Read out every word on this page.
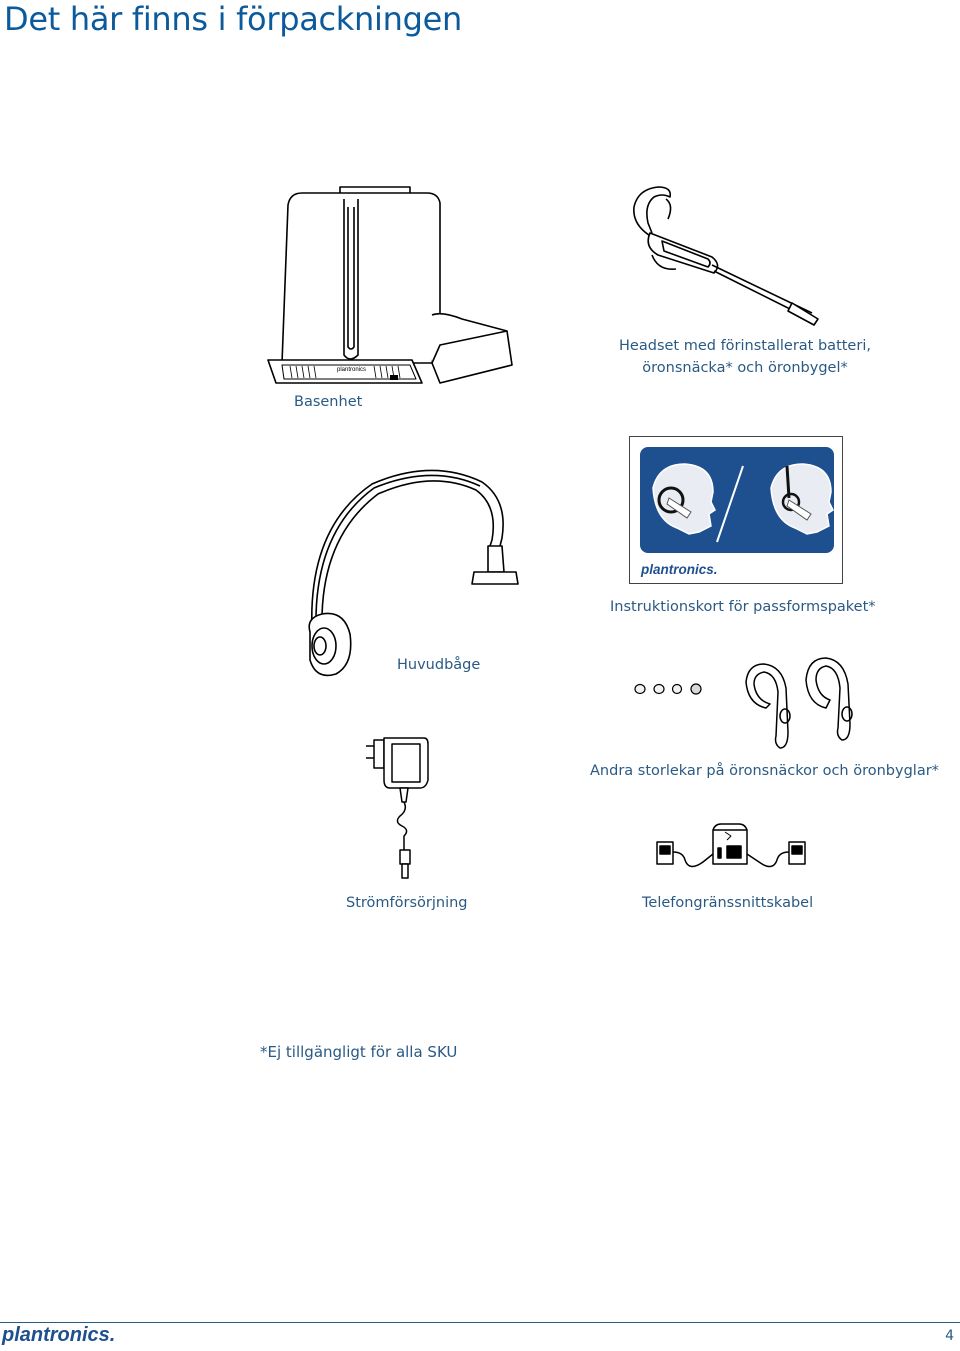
Det här finns i förpackningen
plantronics
Basenhet
Headset med förinstallerat batteri,
öronsnäcka* och öronbygel*
plantronics.
Instruktionskort för passformspaket*
Huvudbåge
Andra storlekar på öronsnäckor och öronbyglar*
Strömförsörjning	Telefongränssnittskabel
*Ej tillgängligt för alla SKU
plantronics.	4
